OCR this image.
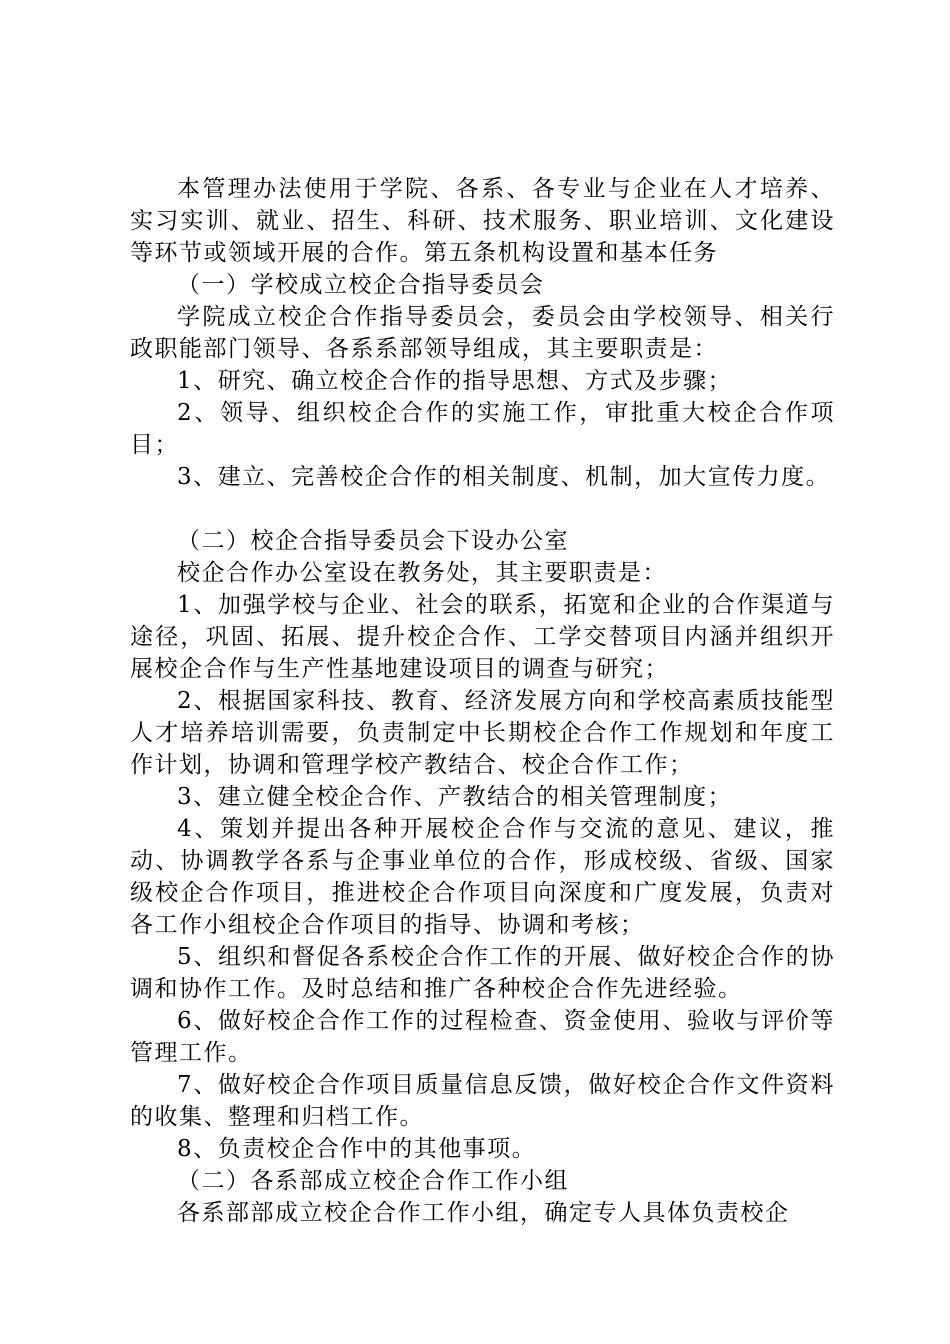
本管理办法使用于学院、各系、各专业与企业在人才培养、实习实训、就业、招生、科研、技术服务、职业培训、文化建设等环节或领域开展的合作。第五条机构设置和基本任务

（一）学校成立校企合指导委员会

学院成立校企合作指导委员会，委员会由学校领导、相关行政职能部门领导、各系系部领导组成，其主要职责是：

1、研究、确立校企合作的指导思想、方式及步骤；

2、领导、组织校企合作的实施工作，审批重大校企合作项目；

3、建立、完善校企合作的相关制度、机制，加大宣传力度。

（二）校企合指导委员会下设办公室

校企合作办公室设在教务处，其主要职责是：

1、加强学校与企业、社会的联系，拓宽和企业的合作渠道与途径，巩固、拓展、提升校企合作、工学交替项目内涵并组织开展校企合作与生产性基地建设项目的调查与研究；

2、根据国家科技、教育、经济发展方向和学校高素质技能型人才培养培训需要，负责制定中长期校企合作工作规划和年度工作计划，协调和管理学校产教结合、校企合作工作；

3、建立健全校企合作、产教结合的相关管理制度；

4、策划并提出各种开展校企合作与交流的意见、建议，推动、协调教学各系与企事业单位的合作，形成校级、省级、国家级校企合作项目，推进校企合作项目向深度和广度发展，负责对各工作小组校企合作项目的指导、协调和考核；

5、组织和督促各系校企合作工作的开展、做好校企合作的协调和协作工作。及时总结和推广各种校企合作先进经验。

6、做好校企合作工作的过程检查、资金使用、验收与评价等管理工作。

7、做好校企合作项目质量信息反馈，做好校企合作文件资料的收集、整理和归档工作。

8、负责校企合作中的其他事项。

（二）各系部成立校企合作工作小组

各系部部成立校企合作工作小组，确定专人具体负责校企
